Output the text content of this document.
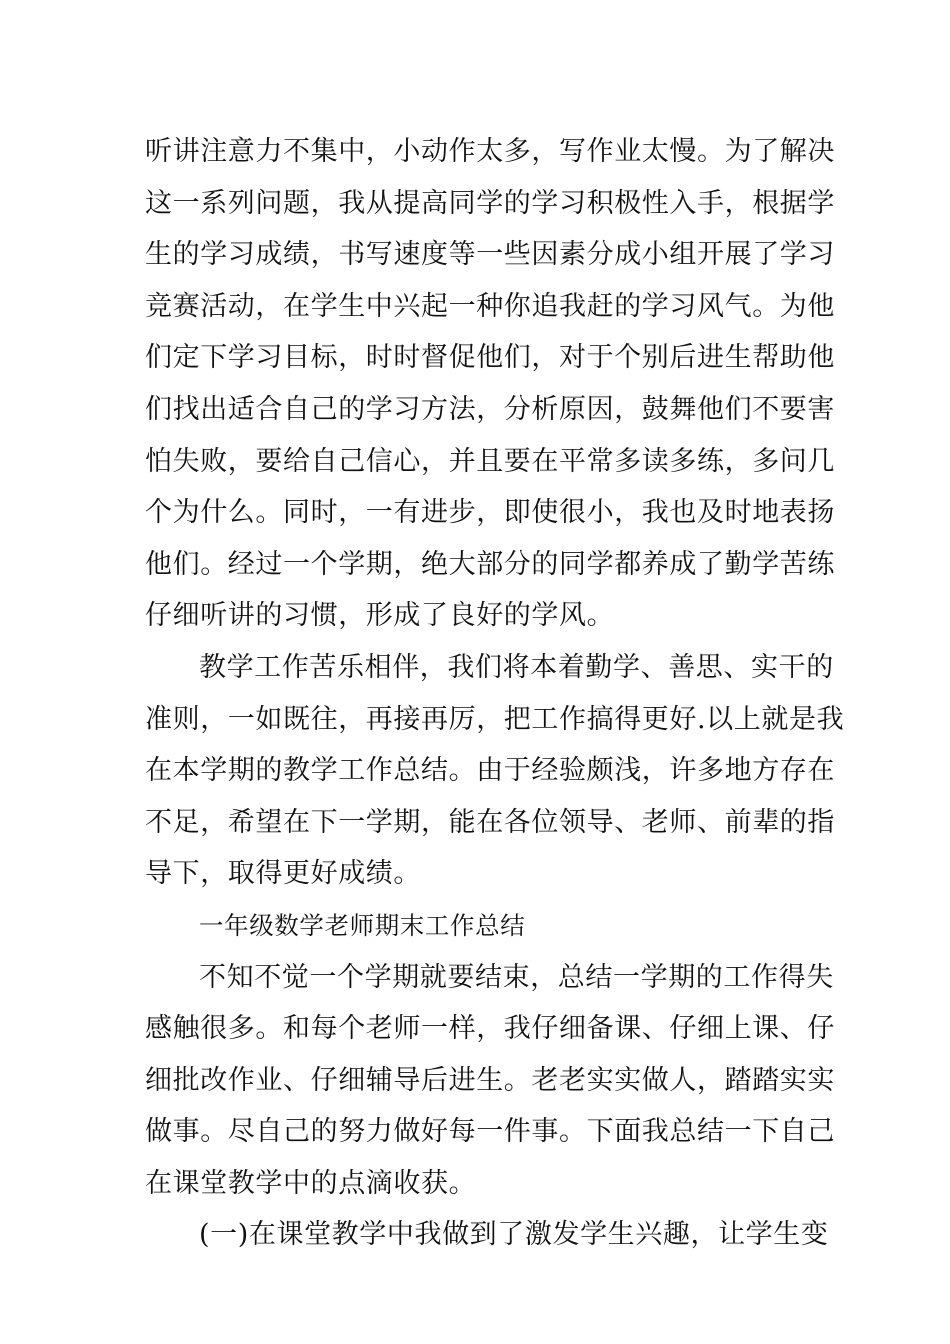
听讲注意力不集中，小动作太多，写作业太慢。为了解决
这一系列问题，我从提高同学的学习积极性入手，根据学
生的学习成绩，书写速度等一些因素分成小组开展了学习
竞赛活动，在学生中兴起一种你追我赶的学习风气。为他
们定下学习目标，时时督促他们，对于个别后进生帮助他
们找出适合自己的学习方法，分析原因，鼓舞他们不要害
怕失败，要给自己信心，并且要在平常多读多练，多问几
个为什么。同时，一有进步，即使很小，我也及时地表扬
他们。经过一个学期，绝大部分的同学都养成了勤学苦练
仔细听讲的习惯，形成了良好的学风。
教学工作苦乐相伴，我们将本着勤学、善思、实干的
准则，一如既往，再接再厉，把工作搞得更好.以上就是我
在本学期的教学工作总结。由于经验颇浅，许多地方存在
不足，希望在下一学期，能在各位领导、老师、前辈的指
导下，取得更好成绩。
一年级数学老师期末工作总结
不知不觉一个学期就要结束，总结一学期的工作得失
感触很多。和每个老师一样，我仔细备课、仔细上课、仔
细批改作业、仔细辅导后进生。老老实实做人，踏踏实实
做事。尽自己的努力做好每一件事。下面我总结一下自己
在课堂教学中的点滴收获。
(一)在课堂教学中我做到了激发学生兴趣，让学生变
